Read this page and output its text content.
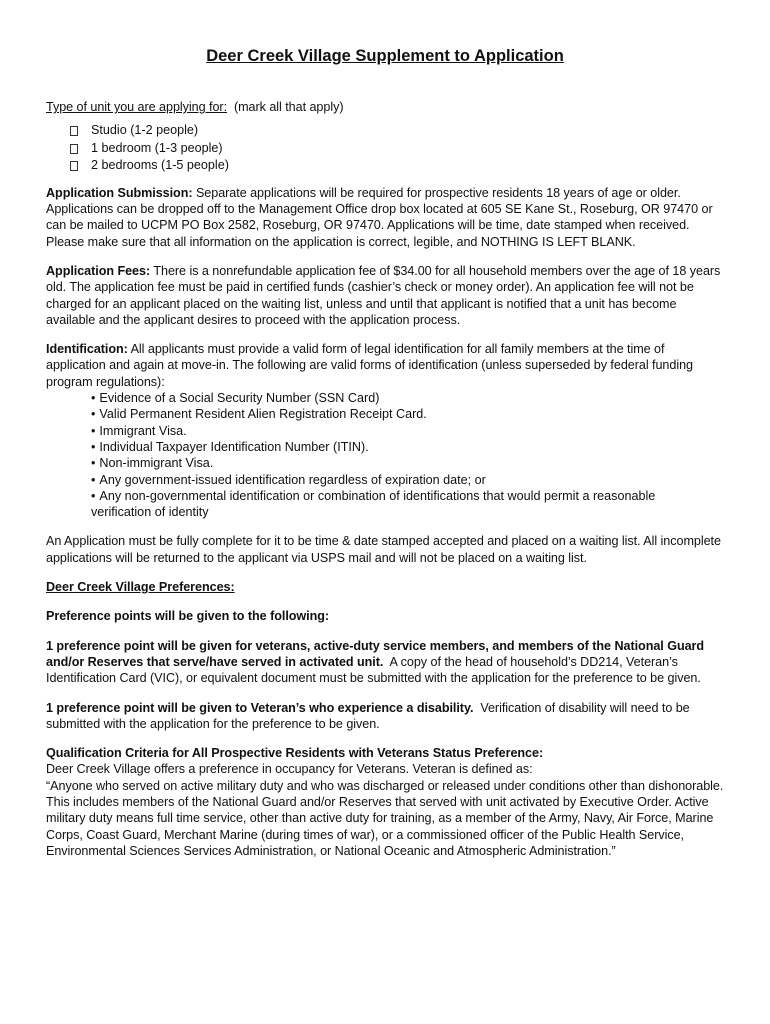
Deer Creek Village Supplement to Application
Type of unit you are applying for: (mark all that apply)
Studio (1-2 people)
1 bedroom (1-3 people)
2 bedrooms (1-5 people)
Application Submission: Separate applications will be required for prospective residents 18 years of age or older. Applications can be dropped off to the Management Office drop box located at 605 SE Kane St., Roseburg, OR 97470 or can be mailed to UCPM PO Box 2582, Roseburg, OR 97470. Applications will be time, date stamped when received. Please make sure that all information on the application is correct, legible, and NOTHING IS LEFT BLANK.
Application Fees: There is a nonrefundable application fee of $34.00 for all household members over the age of 18 years old. The application fee must be paid in certified funds (cashier’s check or money order). An application fee will not be charged for an applicant placed on the waiting list, unless and until that applicant is notified that a unit has become available and the applicant desires to proceed with the application process.
Identification: All applicants must provide a valid form of legal identification for all family members at the time of application and again at move-in. The following are valid forms of identification (unless superseded by federal funding program regulations):
• Evidence of a Social Security Number (SSN Card)
• Valid Permanent Resident Alien Registration Receipt Card.
• Immigrant Visa.
• Individual Taxpayer Identification Number (ITIN).
• Non-immigrant Visa.
• Any government-issued identification regardless of expiration date; or
• Any non-governmental identification or combination of identifications that would permit a reasonable
verification of identity
An Application must be fully complete for it to be time & date stamped accepted and placed on a waiting list. All incomplete applications will be returned to the applicant via USPS mail and will not be placed on a waiting list.
Deer Creek Village Preferences:
Preference points will be given to the following:
1 preference point will be given for veterans, active-duty service members, and members of the National Guard and/or Reserves that serve/have served in activated unit. A copy of the head of household’s DD214, Veteran’s Identification Card (VIC), or equivalent document must be submitted with the application for the preference to be given.
1 preference point will be given to Veteran’s who experience a disability. Verification of disability will need to be submitted with the application for the preference to be given.
Qualification Criteria for All Prospective Residents with Veterans Status Preference:
Deer Creek Village offers a preference in occupancy for Veterans. Veteran is defined as:
“Anyone who served on active military duty and who was discharged or released under conditions other than dishonorable. This includes members of the National Guard and/or Reserves that served with unit activated by Executive Order. Active military duty means full time service, other than active duty for training, as a member of the Army, Navy, Air Force, Marine Corps, Coast Guard, Merchant Marine (during times of war), or a commissioned officer of the Public Health Service, Environmental Sciences Services Administration, or National Oceanic and Atmospheric Administration.”
